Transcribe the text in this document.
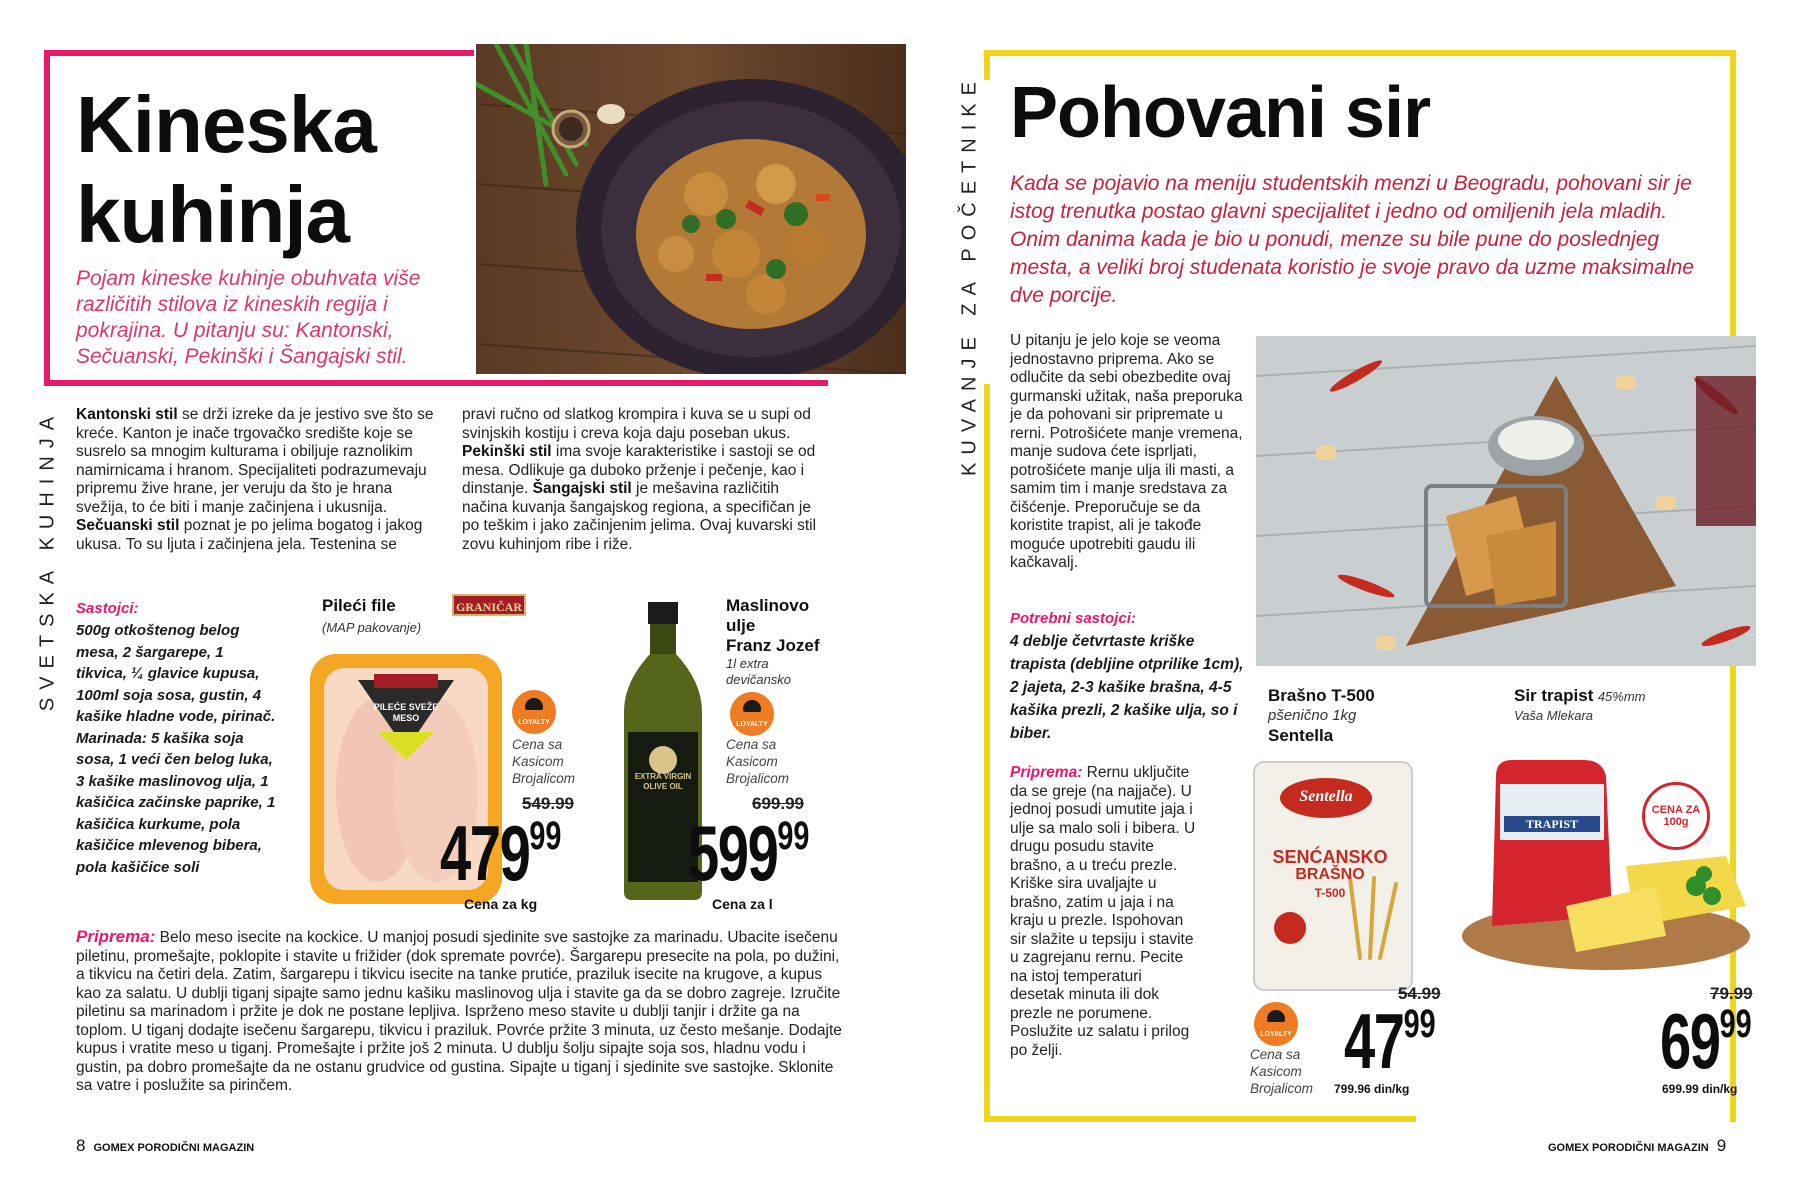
Kineska
kuhinja
Pojam kineske kuhinje obuhvata više različitih stilova iz kineskih regija i pokrajina. U pitanju su: Kantonski, Sečuanski, Pekinški i Šangajski stil.
SVETSKA KUHINJA Kantonski stil se drži izreke da je jestivo sve što se kreće. Kanton je inače trgovačko središte koje se susrelo sa mnogim kulturama i obiljuje raznolikim namirnicama i hranom. Specijaliteti podrazumevaju pripremu žive hrane, jer veruju da što je hrana svežija, to će biti i manje začinjena i ukusnija.
Sečuanski stil poznat je po jelima bogatog i jakog ukusa. To su ljuta i začinjena jela. Testenina se
pravi ručno od slatkog krompira i kuva se u supi od svinjskih kostiju i creva koja daju poseban ukus.
Pekinški stil ima svoje karakteristike i sastoji se od mesa. Odlikuje ga duboko prženje i pečenje, kao i dinstanje. Šangajski stil je mešavina različitih načina kuvanja šangajskog regiona, a specifičan je po teškim i jako začinjenim jelima. Ovaj kuvarski stil zovu kuhinjom ribe i riže.
Sastojci:
500g otkoštenog belog mesa, 2 šargarepe, 1 tikvica, ¼ glavice kupusa, 100ml soja sosa, gustin, 4 kašike hladne vode, pirinač. Marinada: 5 kašika soja sosa, 1 veći čen belog luka, 3 kašike maslinovog ulja, 1 kašičica začinske paprike, 1 kašičica kurkume, pola kašičice mlevenog bibera, pola kašičice soli
Pileći file
(MAP pakovanje)
GRANIČAR
PILEĆE SVEŽE MESO	LOYALTY
Cena sa Kasicom Brojalicom
549.99
47999
Cena za kg
EXTRA VIRGIN OLIVE OIL
Maslinovo
ulje
Franz Jozef
1l extra
devičansko
LOYALTY
Cena sa Kasicom Brojalicom
699.99
59999
Cena za l
Priprema: Belo meso isecite na kockice. U manjoj posudi sjedinite sve sastojke za marinadu. Ubacite isečenu piletinu, promešajte, poklopite i stavite u frižider (dok spremate povrće). Šargarepu presecite na pola, po dužini, a tikvicu na četiri dela. Zatim, šargarepu i tikvicu isecite na tanke prutiće, praziluk isecite na krugove, a kupus kao za salatu. U dublji tiganj sipajte samo jednu kašiku maslinovog ulja i stavite ga da se dobro zagreje. Izručite piletinu sa marinadom i pržite je dok ne postane lepljiva. Isprženo meso stavite u dublji tanjir i držite ga na toplom. U tiganj dodajte isečenu šargarepu, tikvicu i praziluk. Povrće pržite 3 minuta, uz često mešanje. Dodajte kupus i vratite meso u tiganj. Promešajte i pržite još 2 minuta. U dublju šolju sipajte soja sos, hladnu vodu i gustin, pa dobro promešajte da ne ostanu grudvice od gustina. Sipajte u tiganj i sjedinite sve sastojke. Sklonite sa vatre i poslužite sa pirinčem.
8 GOMEX PORODIČNI MAGAZIN
KUVANJE ZA POČETNIKE Pohovani sir
Kada se pojavio na meniju studentskih menzi u Beogradu, pohovani sir je istog trenutka postao glavni specijalitet i jedno od omiljenih jela mladih. Onim danima kada je bio u ponudi, menze su bile pune do poslednjeg mesta, a veliki broj studenata koristio je svoje pravo da uzme maksimalne dve porcije.
U pitanju je jelo koje se veoma jednostavno priprema. Ako se odlučite da sebi obezbedite ovaj gurmanski užitak, naša preporuka je da pohovani sir pripremate u rerni. Potrošićete manje vremena, manje sudova ćete isprljati, potrošićete manje ulja ili masti, a samim tim i manje sredstava za čišćenje. Preporučuje se da koristite trapist, ali je takođe moguće upotrebiti gaudu ili kačkavalj.
Potrebni sastojci:
4 deblje četvrtaste kriške trapista (debljine otprilike 1cm), 2 jajeta, 2-3 kašike brašna, 4-5 kašika prezli, 2 kašike ulja, so i biber.
Priprema: Rernu uključite da se greje (na najjače). U jednoj posudi umutite jaja i ulje sa malo soli i bibera. U drugu posudu stavite brašno, a u treću prezle. Kriške sira uvaljajte u brašno, zatim u jaja i na kraju u prezle. Ispohovan sir slažite u tepsiju i stavite u zagrejanu rernu. Pecite na istoj temperaturi desetak minuta ili dok prezle ne porumene. Poslužite uz salatu i prilog po želji.
Brašno T-500
pšenično 1kg
Sentella
Sentella
SENĆANSKO
BRAŠNO
T-500
LOYALTY
Cena sa Kasicom Brojalicom
54.99
4799
799.96 din/kg
Sir trapist 45%mm
Vaša Mlekara
TRAPIST
CENA ZA 100g
79.99
6999
699.99 din/kg
GOMEX PORODIČNI MAGAZIN 9
